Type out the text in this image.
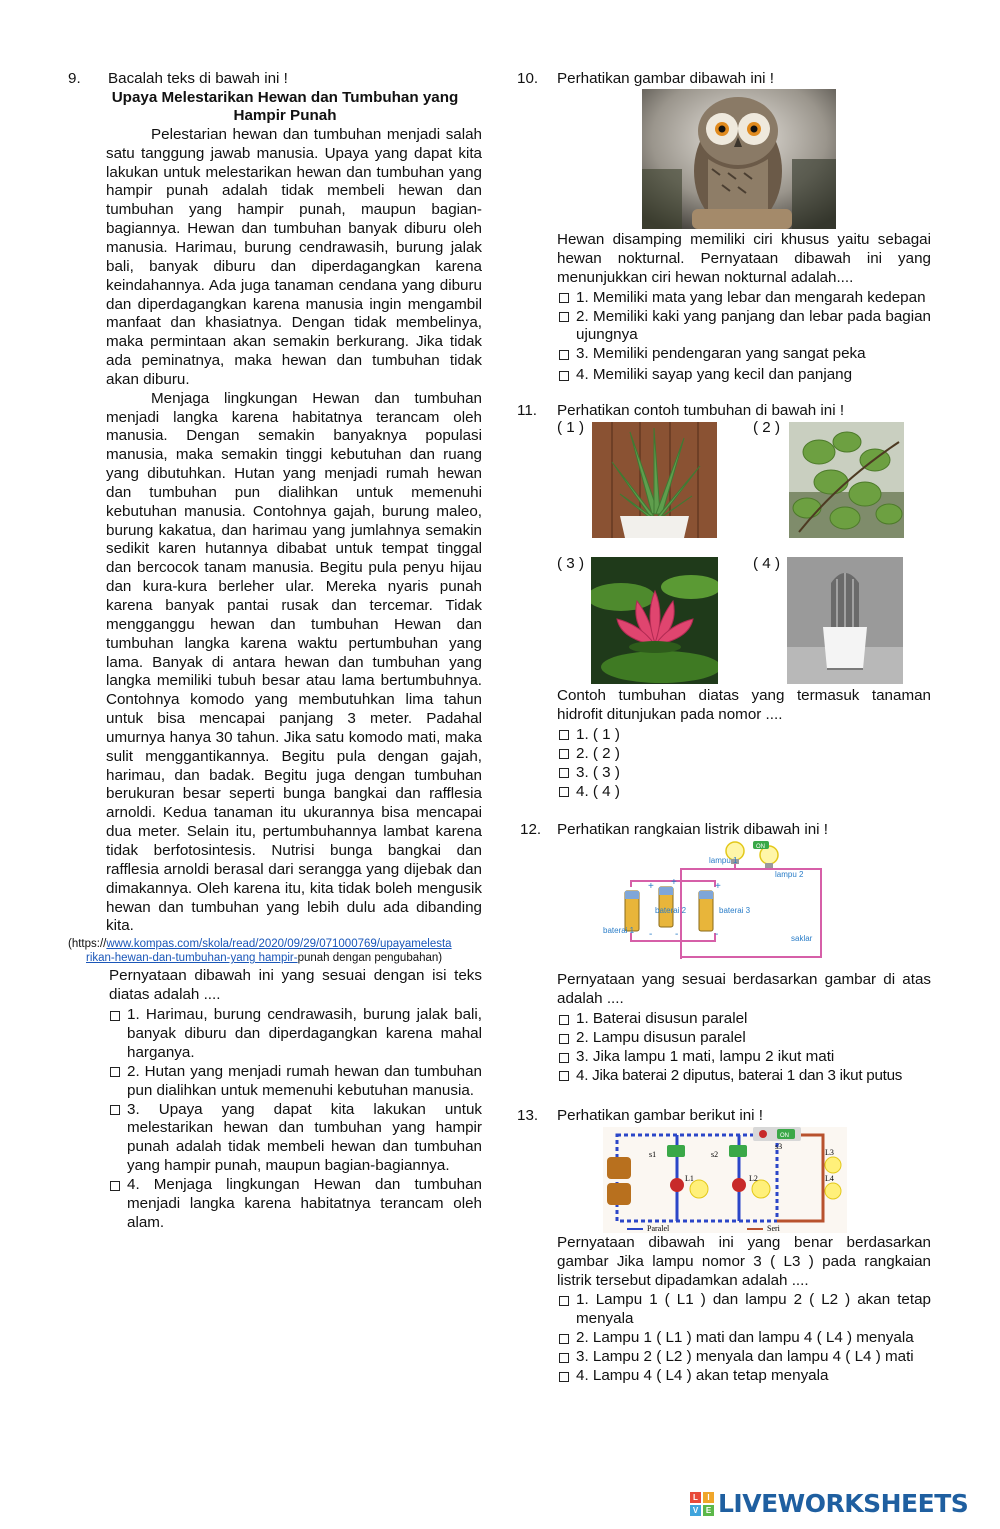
9.	Bacalah teks di bawah ini !
Upaya Melestarikan Hewan dan Tumbuhan yang
Hampir Punah
Pelestarian hewan dan tumbuhan menjadi salah satu tanggung jawab manusia. Upaya yang dapat kita lakukan untuk melestarikan hewan dan tumbuhan yang hampir punah adalah tidak membeli hewan dan tumbuhan yang hampir punah, maupun bagian-bagiannya. Hewan dan tumbuhan banyak diburu oleh manusia. Harimau, burung cendrawasih, burung jalak bali, banyak diburu dan diperdagangkan karena keindahannya. Ada juga tanaman cendana yang diburu dan diperdagangkan karena manusia ingin mengambil manfaat dan khasiatnya. Dengan tidak membelinya, maka permintaan akan semakin berkurang. Jika tidak ada peminatnya, maka hewan dan tumbuhan tidak akan diburu.
Menjaga lingkungan Hewan dan tumbuhan menjadi langka karena habitatnya terancam oleh manusia. Dengan semakin banyaknya populasi manusia, maka semakin tinggi kebutuhan dan ruang yang dibutuhkan. Hutan yang menjadi rumah hewan dan tumbuhan pun dialihkan untuk memenuhi kebutuhan manusia. Contohnya gajah, burung maleo, burung kakatua, dan harimau yang jumlahnya semakin sedikit karen hutannya dibabat untuk tempat tinggal dan bercocok tanam manusia. Begitu pula penyu hijau dan kura-kura berleher ular. Mereka nyaris punah karena banyak pantai rusak dan tercemar. Tidak mengganggu hewan dan tumbuhan Hewan dan tumbuhan langka karena waktu pertumbuhan yang lama. Banyak di antara hewan dan tumbuhan yang langka memiliki tubuh besar atau lama bertumbuhnya. Contohnya komodo yang membutuhkan lima tahun untuk bisa mencapai panjang 3 meter. Padahal umurnya hanya 30 tahun. Jika satu komodo mati, maka sulit menggantikannya. Begitu pula dengan gajah, harimau, dan badak. Begitu juga dengan tumbuhan berukuran besar seperti bunga bangkai dan rafflesia arnoldi. Kedua tanaman itu ukurannya bisa mencapai dua meter. Selain itu, pertumbuhannya lambat karena tidak berfotosintesis. Nutrisi bunga bangkai dan rafflesia arnoldi berasal dari serangga yang dijebak dan dimakannya. Oleh karena itu, kita tidak boleh mengusik hewan dan tumbuhan yang lebih dulu ada dibanding kita.
(https://www.kompas.com/skola/read/2020/09/29/071000769/upayamelesta
rikan-hewan-dan-tumbuhan-yang hampir-punah dengan pengubahan)
Pernyataan dibawah ini yang sesuai dengan isi teks diatas adalah ....
1. Harimau, burung cendrawasih, burung jalak bali, banyak diburu dan diperdagangkan karena mahal harganya.
2. Hutan yang menjadi rumah hewan dan tumbuhan pun dialihkan untuk memenuhi kebutuhan manusia.
3. Upaya yang dapat kita lakukan untuk melestarikan hewan dan tumbuhan yang hampir punah adalah tidak membeli hewan dan tumbuhan yang hampir punah, maupun bagian-bagiannya.
4. Menjaga lingkungan Hewan dan tumbuhan menjadi langka karena habitatnya terancam oleh alam.
10.	Perhatikan gambar dibawah ini !
Hewan disamping memiliki ciri khusus yaitu sebagai hewan nokturnal. Pernyataan dibawah ini yang menunjukkan ciri hewan nokturnal adalah....
1. Memiliki mata yang lebar dan mengarah kedepan
2. Memiliki kaki yang panjang dan lebar pada bagian ujungnya
3. Memiliki pendengaran yang sangat peka
4. Memiliki sayap yang kecil dan panjang
11.	Perhatikan contoh tumbuhan di bawah ini !
( 1 )	( 2 )
( 3 )	( 4 )
Contoh tumbuhan diatas yang termasuk tanaman hidrofit ditunjukan pada nomor ....
1. ( 1 )
2. ( 2 )
3. ( 3 )
4. ( 4 )
12.	Perhatikan rangkaian listrik dibawah ini !
lampu 1
lampu 2
+ +	+
- -	-
baterai 2	baterai 3
baterai 1
saklar
ON
Pernyataan yang sesuai berdasarkan gambar di atas adalah ....
1. Baterai disusun paralel
2. Lampu disusun paralel
3. Jika lampu 1 mati, lampu 2 ikut mati
4. Jika baterai 2 diputus, baterai 1 dan 3 ikut putus
13.	Perhatikan gambar berikut ini !
ON
s1	s2
s3
L1	L2
L3
L4
Paralel	Seri
Pernyataan dibawah ini yang benar berdasarkan gambar Jika lampu nomor 3 ( L3 ) pada rangkaian listrik tersebut dipadamkan adalah ....
1. Lampu 1 ( L1 ) dan lampu 2 ( L2 ) akan tetap menyala
2. Lampu 1 ( L1 ) mati dan lampu 4 ( L4 ) menyala
3. Lampu 2 ( L2 ) menyala dan lampu 4 ( L4 ) mati
4. Lampu 4 ( L4 ) akan tetap menyala
L	I
V E LIVEWORKSHEETS
